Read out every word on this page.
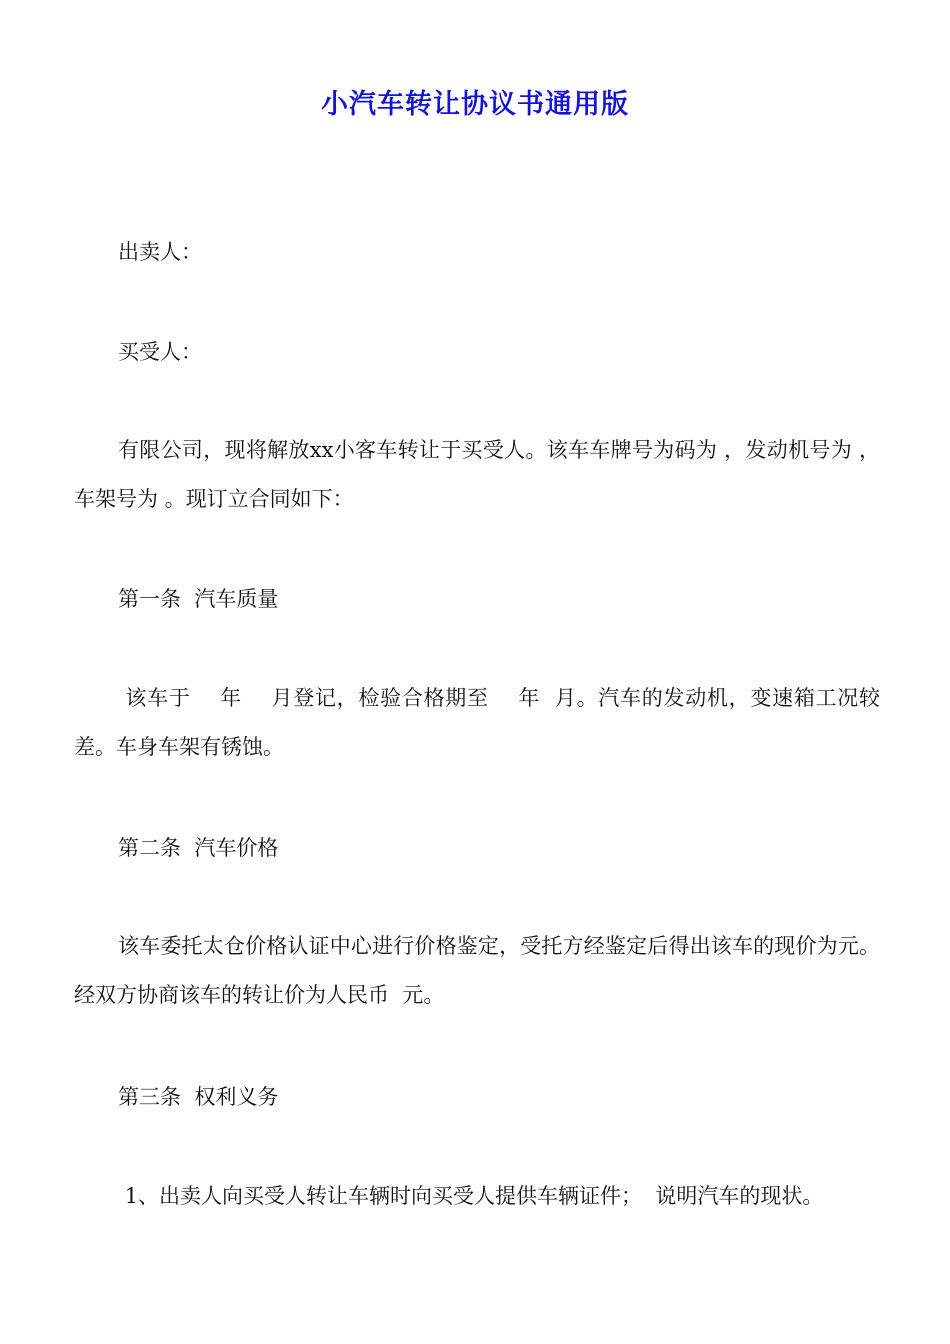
小汽车转让协议书通用版

出卖人：

买受人：

有限公司，现将解放xx小客车转让于买受人。该车车牌号为码为 ，发动机号为 ，车架号为 。现订立合同如下：

第一条  汽车质量

该车于    年    月登记，检验合格期至    年  月。汽车的发动机，变速箱工况较差。车身车架有锈蚀。

第二条  汽车价格

该车委托太仓价格认证中心进行价格鉴定，受托方经鉴定后得出该车的现价为元。经双方协商该车的转让价为人民币  元。

第三条  权利义务

1、出卖人向买受人转让车辆时向买受人提供车辆证件；  说明汽车的现状。
